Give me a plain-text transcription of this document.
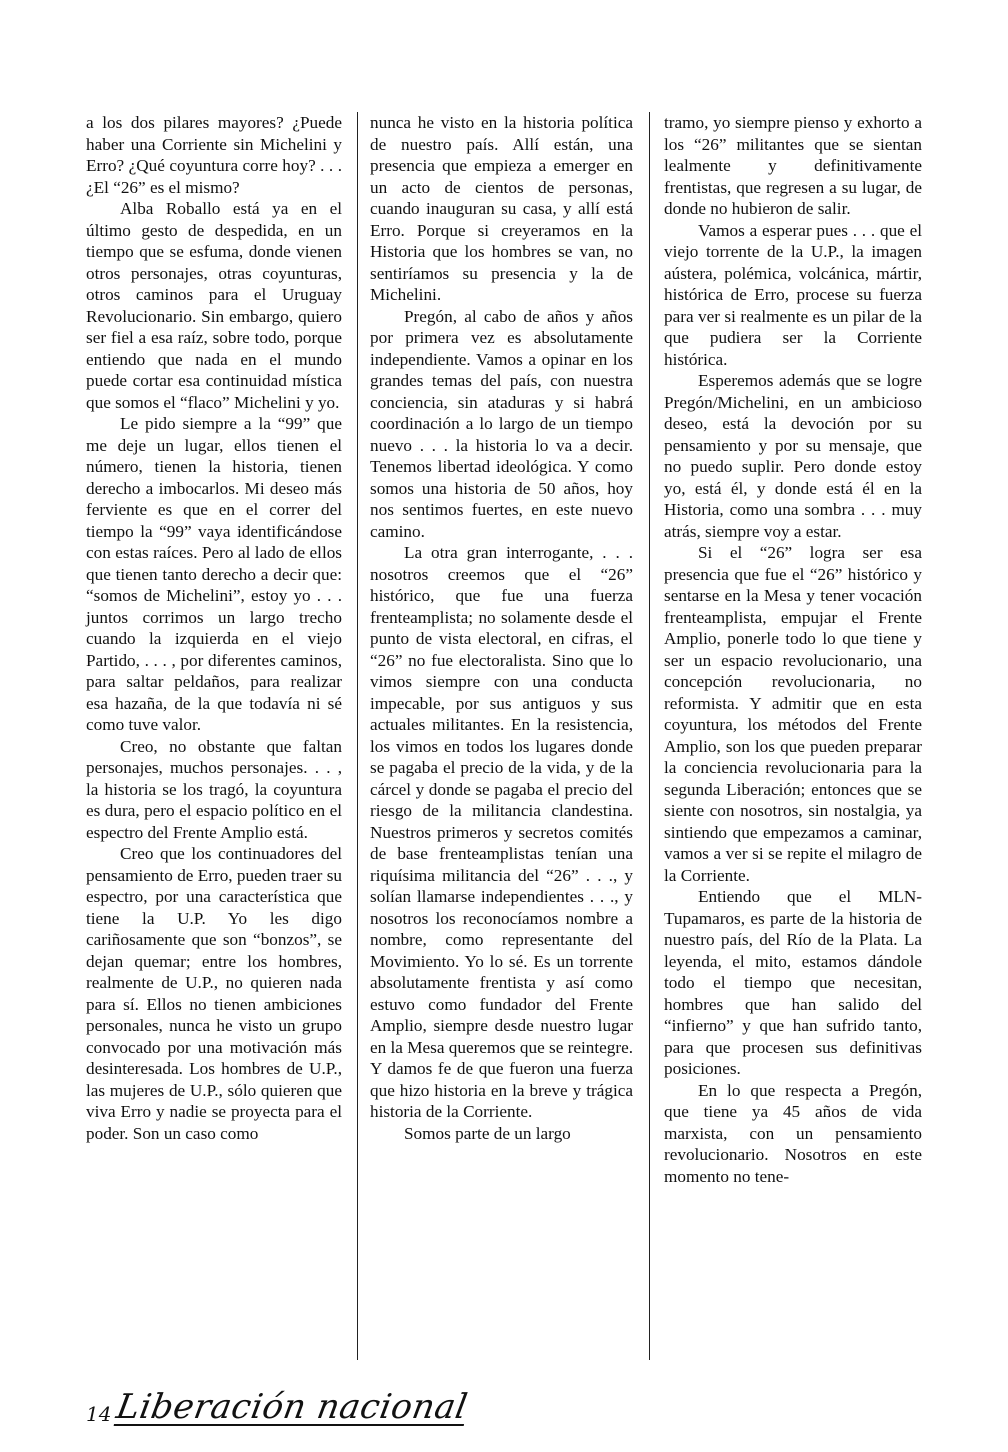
a los dos pilares mayores? ¿Puede haber una Corriente sin Michelini y Erro? ¿Qué coyuntura corre hoy? . . . ¿El “26” es el mismo?

Alba Roballo está ya en el último gesto de despedida, en un tiempo que se esfuma, donde vienen otros personajes, otras coyunturas, otros caminos para el Uruguay Revolucionario. Sin embargo, quiero ser fiel a esa raíz, sobre todo, porque entiendo que nada en el mundo puede cortar esa continuidad mística que somos el “flaco” Michelini y yo.

Le pido siempre a la “99” que me deje un lugar, ellos tienen el número, tienen la historia, tienen derecho a imbocarlos. Mi deseo más ferviente es que en el correr del tiempo la “99” vaya identificándose con estas raíces. Pero al lado de ellos que tienen tanto derecho a decir que: “somos de Michelini”, estoy yo . . . juntos corrimos un largo trecho cuando la izquierda en el viejo Partido, . . . , por diferentes caminos, para saltar peldaños, para realizar esa hazaña, de la que todavía ni sé como tuve valor.

Creo, no obstante que faltan personajes, muchos personajes. . . , la historia se los tragó, la coyuntura es dura, pero el espacio político en el espectro del Frente Amplio está.

Creo que los continuadores del pensamiento de Erro, pueden traer su espectro, por una característica que tiene la U.P. Yo les digo cariñosamente que son “bonzos”, se dejan quemar; entre los hombres, realmente de U.P., no quieren nada para sí. Ellos no tienen ambiciones personales, nunca he visto un grupo convocado por una motivación más desinteresada. Los hombres de U.P., las mujeres de U.P., sólo quieren que viva Erro y nadie se proyecta para el poder. Son un caso como

nunca he visto en la historia política de nuestro país. Allí están, una presencia que empieza a emerger en un acto de cientos de personas, cuando inauguran su casa, y allí está Erro. Porque si creyeramos en la Historia que los hombres se van, no sentiríamos su presencia y la de Michelini.

Pregón, al cabo de años y años por primera vez es absolutamente independiente. Vamos a opinar en los grandes temas del país, con nuestra conciencia, sin ataduras y si habrá coordinación a lo largo de un tiempo nuevo . . . la historia lo va a decir. Tenemos libertad ideológica. Y como somos una historia de 50 años, hoy nos sentimos fuertes, en este nuevo camino.

La otra gran interrogante, . . . nosotros creemos que el “26” histórico, que fue una fuerza frenteamplista; no solamente desde el punto de vista electoral, en cifras, el “26” no fue electoralista. Sino que lo vimos siempre con una conducta impecable, por sus antiguos y sus actuales militantes. En la resistencia, los vimos en todos los lugares donde se pagaba el precio de la vida, y de la cárcel y donde se pagaba el precio del riesgo de la militancia clandestina. Nuestros primeros y secretos comités de base frenteamplistas tenían una riquísima militancia del “26” . . ., y solían llamarse independientes . . ., y nosotros los reconocíamos nombre a nombre, como representante del Movimiento. Yo lo sé. Es un torrente absolutamente frentista y así como estuvo como fundador del Frente Amplio, siempre desde nuestro lugar en la Mesa queremos que se reintegre. Y damos fe de que fueron una fuerza que hizo historia en la breve y trágica historia de la Corriente.

Somos parte de un largo

tramo, yo siempre pienso y exhorto a los “26” militantes que se sientan lealmente y definitivamente frentistas, que regresen a su lugar, de donde no hubieron de salir.

Vamos a esperar pues . . . que el viejo torrente de la U.P., la imagen aústera, polémica, volcánica, mártir, histórica de Erro, procese su fuerza para ver si realmente es un pilar de la que pudiera ser la Corriente histórica.

Esperemos además que se logre Pregón/Michelini, en un ambicioso deseo, está la devoción por su pensamiento y por su mensaje, que no puedo suplir. Pero donde estoy yo, está él, y donde está él en la Historia, como una sombra . . . muy atrás, siempre voy a estar.

Si el “26” logra ser esa presencia que fue el “26” histórico y sentarse en la Mesa y tener vocación frenteamplista, empujar el Frente Amplio, ponerle todo lo que tiene y ser un espacio revolucionario, una concepción revolucionaria, no reformista. Y admitir que en esta coyuntura, los métodos del Frente Amplio, son los que pueden preparar la conciencia revolucionaria para la segunda Liberación; entonces que se siente con nosotros, sin nostalgia, ya sintiendo que empezamos a caminar, vamos a ver si se repite el milagro de la Corriente.

Entiendo que el MLN-Tupamaros, es parte de la historia de nuestro país, del Río de la Plata. La leyenda, el mito, estamos dándole todo el tiempo que necesitan, hombres que han salido del “infierno” y que han sufrido tanto, para que procesen sus definitivas posiciones.

En lo que respecta a Pregón, que tiene ya 45 años de vida marxista, con un pensamiento revolucionario. Nosotros en este momento no tene-

14 Liberación nacional
